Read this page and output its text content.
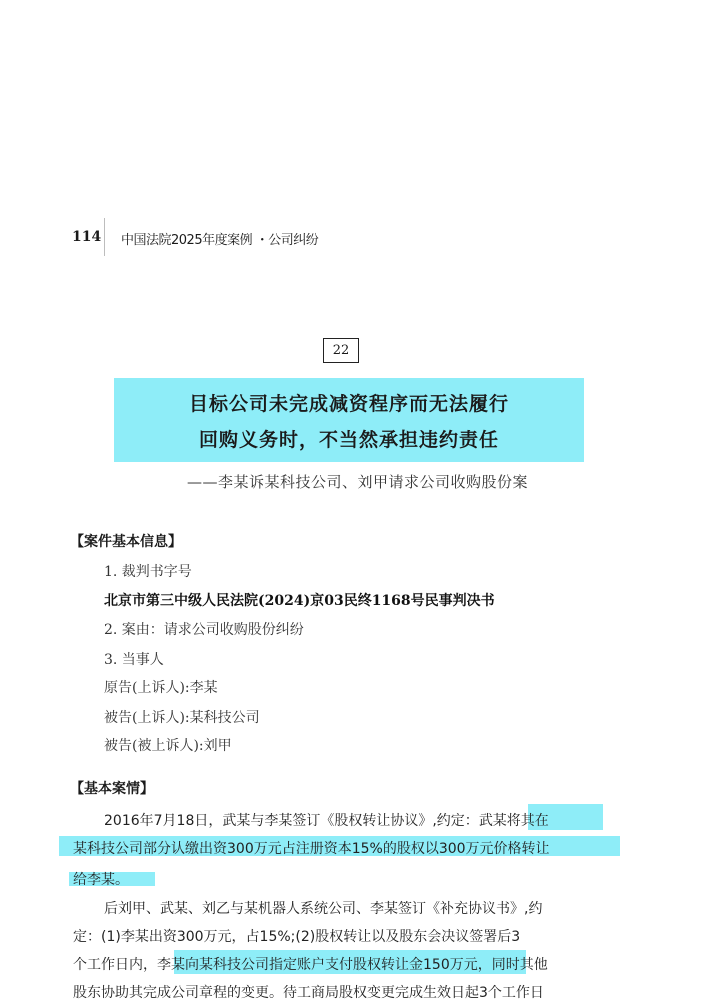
114 中国法院2025年度案例 ・公司纠纷
22
目标公司未完成减资程序而无法履行
回购义务时，不当然承担违约责任
——李某诉某科技公司、刘甲请求公司收购股份案
【案件基本信息】
1. 裁判书字号
北京市第三中级人民法院(2024)京03民终1168号民事判决书
2. 案由：请求公司收购股份纠纷
3. 当事人
原告(上诉人):李某
被告(上诉人):某科技公司
被告(被上诉人):刘甲
【基本案情】
2016年7月18日，武某与李某签订《股权转让协议》,约定：武某将其在
某科技公司部分认缴出资300万元占注册资本15%的股权以300万元价格转让
给李某。
后刘甲、武某、刘乙与某机器人系统公司、李某签订《补充协议书》,约
定：(1)李某出资300万元，占15%;(2)股权转让以及股东会决议签署后3
个工作日内，李某向某科技公司指定账户支付股权转让金150万元，同时其他
股东协助其完成公司章程的变更。待工商局股权变更完成生效日起3个工作日
